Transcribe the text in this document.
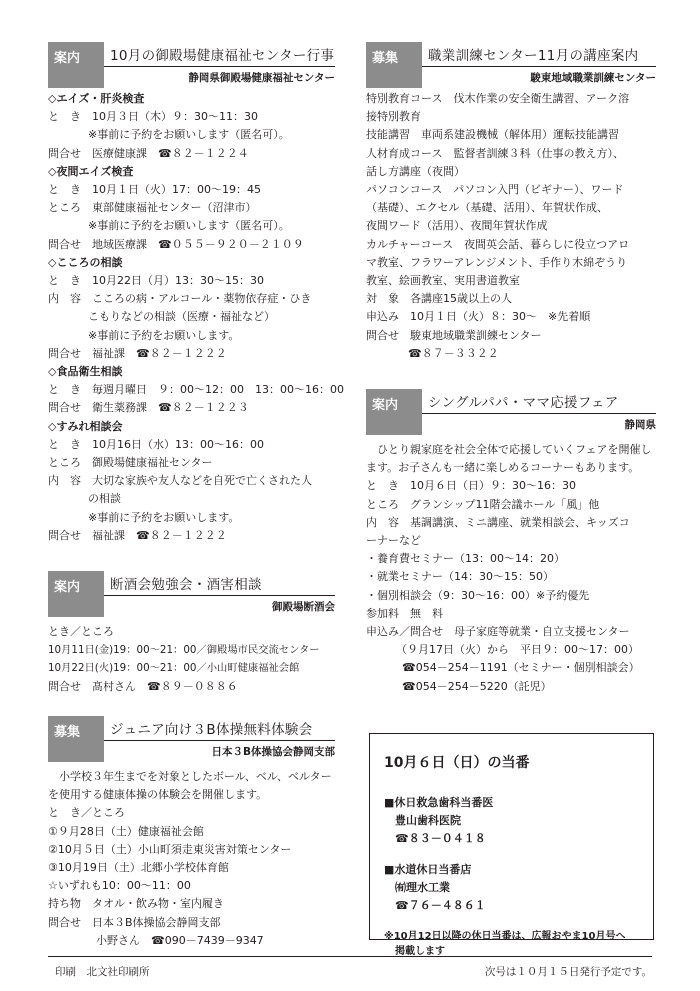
案内 10月の御殿場健康福祉センター行事
静岡県御殿場健康福祉センター
◇エイズ・肝炎検査
と　き　10月３日（木）９：30～11：30
※事前に予約をお願いします（匿名可）。
問合せ　医療健康課　☎８２－１２２４
◇夜間エイズ検査
と　き　10月１日（火）17：00～19：45
ところ　東部健康福祉センター（沼津市）
※事前に予約をお願いします（匿名可）。
問合せ　地域医療課　☎０５５－９２０－２１０９
◇こころの相談
と　き　10月22日（月）13：30～15：30
内　容　こころの病・アルコール・薬物依存症・ひき
こもりなどの相談（医療・福祉など）
※事前に予約をお願いします。
問合せ　福祉課　☎８２－１２２２
◇食品衛生相談
と　き　毎週月曜日　９：00～12：00　13：00～16：00
問合せ　衛生薬務課　☎８２－１２２３
◇すみれ相談会
と　き　10月16日（水）13：00～16：00
ところ　御殿場健康福祉センター
内　容　大切な家族や友人などを自死で亡くされた人
の相談
※事前に予約をお願いします。
問合せ　福祉課　☎８２－１２２２
案内 断酒会勉強会・酒害相談
御殿場断酒会
とき／ところ
10月11日(金)19：00～21：00／御殿場市民交流センター
10月22日(火)19：00～21：00／小山町健康福祉会館
問合せ　髙村さん　☎８９－０８８６
募集 ジュニア向け３B体操無料体験会
日本３B体操協会静岡支部
小学校３年生までを対象としたボール、ベル、ベルターを使用する健康体操の体験会を開催します。
と　き／ところ
①９月28日（土）健康福祉会館
②10月５日（土）小山町須走東災害対策センター
③10月19日（土）北郷小学校体育館
☆いずれも10：00～11：00
持ち物　タオル・飲み物・室内履き
問合せ　日本３B体操協会静岡支部
小野さん　☎090－7439－9347
募集 職業訓練センター11月の講座案内
駿東地域職業訓練センター
特別教育コース　伐木作業の安全衛生講習、アーク溶
接特別教育
技能講習　車両系建設機械（解体用）運転技能講習
人材育成コース　監督者訓練３科（仕事の教え方）、
話し方講座（夜間）
パソコンコース　パソコン入門（ビギナー）、ワード
（基礎）、エクセル（基礎、活用）、年賀状作成、
夜間ワード（活用）、夜間年賀状作成
カルチャーコース　夜間英会話、暮らしに役立つアロ
マ教室、フラワーアレンジメント、手作り木綿ぞうり
教室、絵画教室、実用書道教室
対　象　各講座15歳以上の人
申込み　10月１日（火）８：30～　※先着順
問合せ　駿東地域職業訓練センター
☎８７－３３２２
案内 シングルパパ・ママ応援フェア
静岡県
ひとり親家庭を社会全体で応援していくフェアを開催します。お子さんも一緒に楽しめるコーナーもあります。
と　き　10月６日（日）９：30～16：30
ところ　グランシップ11階会議ホール「風」他
内　容　基調講演、ミニ講座、就業相談会、キッズコ
ーナーなど
・養育費セミナー（13：00～14：20）
・就業セミナー（14：30～15：50）
・個別相談会（9：30～16：00）※予約優先
参加料　無　料
申込み／問合せ　母子家庭等就業・自立支援センター
（９月17日（火）から　平日９：00～17：00）
☎054－254－1191（セミナー・個別相談会）
☎054－254－5220（託児）
10月６日（日）の当番
■休日救急歯科当番医
豊山歯科医院
☎８３－０４１８
■水道休日当番店
㈲理水工業
☎７６－４８６１
※10月12日以降の休日当番は、広報おやま10月号へ
掲載します
印刷　北文社印刷所	次号は１０月１５日発行予定です。
